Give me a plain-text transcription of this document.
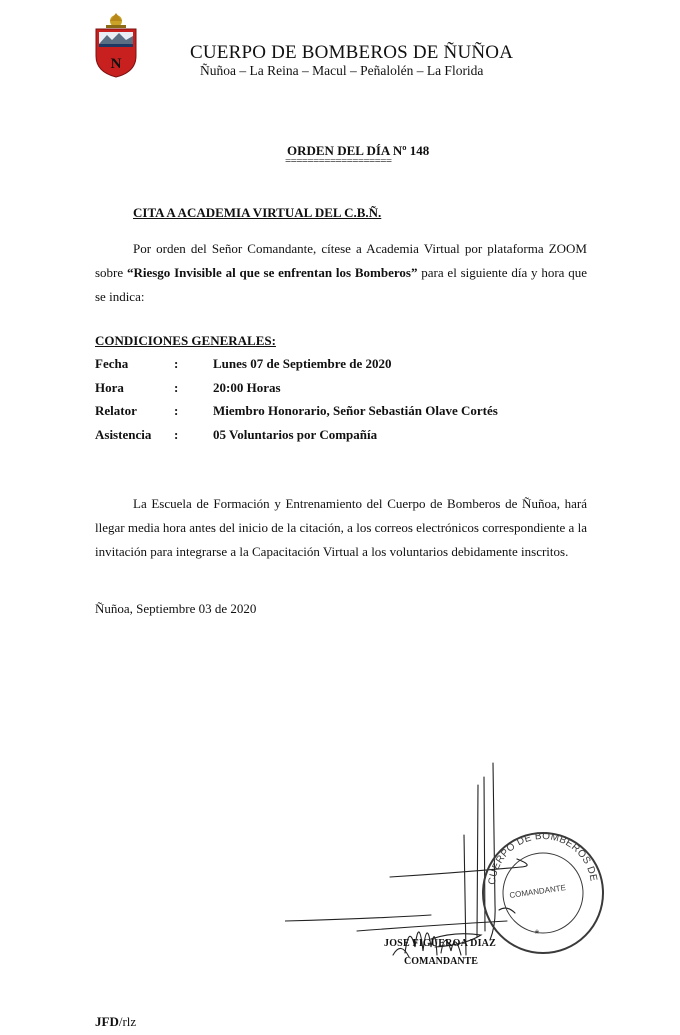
N
CUERPO DE BOMBEROS DE ÑUÑOA
Ñuñoa – La Reina – Macul – Peñalolén – La Florida
ORDEN DEL DÍA Nº 148
===================
CITA A ACADEMIA VIRTUAL DEL C.B.Ñ.

Por orden del Señor Comandante, cítese a Academia Virtual por plataforma ZOOM sobre “Riesgo Invisible al que se enfrentan los Bomberos” para el siguiente día y hora que se indica:

CONDICIONES GENERALES:
Fecha	:	Lunes 07 de Septiembre de 2020
Hora	:	20:00 Horas
Relator	:	Miembro Honorario, Señor Sebastián Olave Cortés
Asistencia :	05 Voluntarios por Compañía

La Escuela de Formación y Entrenamiento del Cuerpo de Bomberos de Ñuñoa, hará llegar media hora antes del inicio de la citación, a los correos electrónicos correspondiente a la invitación para integrarse a la Capacitación Virtual a los voluntarios debidamente inscritos.

Ñuñoa, Septiembre 03 de 2020
CUERPO DE BOMBEROS DE
COMANDANTE
*
JOSE FIGUEROA DIAZ
COMANDANTE
JFD/rlz
